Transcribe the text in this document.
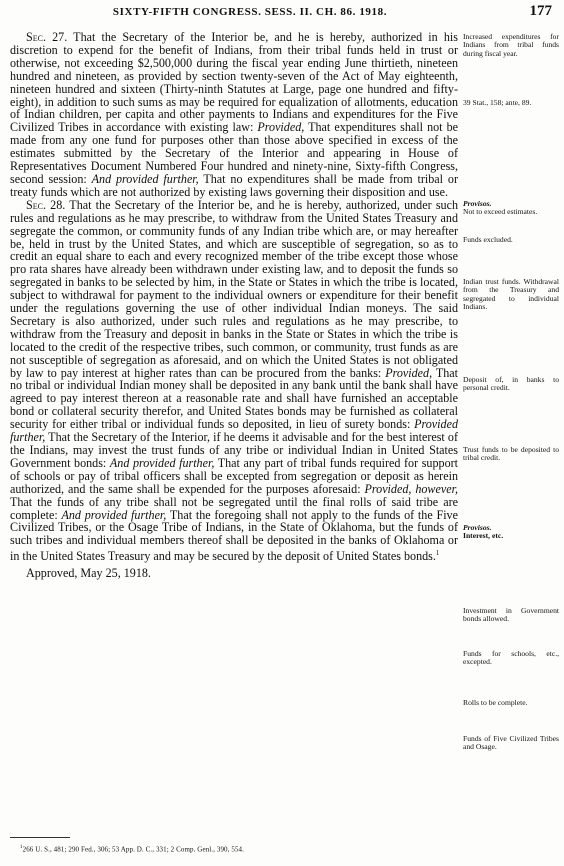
SIXTY-FIFTH CONGRESS. SESS. II. CH. 86. 1918.	177

Sec. 27. That the Secretary of the Interior be, and he is hereby, authorized in his discretion to expend for the benefit of Indians, from their tribal funds held in trust or otherwise, not exceeding $2,500,000 during the fiscal year ending June thirtieth, nineteen hundred and nineteen, as provided by section twenty-seven of the Act of May eighteenth, nineteen hundred and sixteen (Thirty-ninth Statutes at Large, page one hundred and fifty-eight), in addition to such sums as may be required for equalization of allotments, education of Indian children, per capita and other payments to Indians and expenditures for the Five Civilized Tribes in accordance with existing law: Provided, That expenditures shall not be made from any one fund for purposes other than those above specified in excess of the estimates submitted by the Secretary of the Interior and appearing in House of Representatives Document Numbered Four hundred and ninety-nine, Sixty-fifth Congress, second session: And provided further, That no expenditures shall be made from tribal or treaty funds which are not authorized by existing laws governing their disposition and use.

Sec. 28. That the Secretary of the Interior be, and he is hereby, authorized, under such rules and regulations as he may prescribe, to withdraw from the United States Treasury and segregate the common, or community funds of any Indian tribe which are, or may hereafter be, held in trust by the United States, and which are susceptible of segregation, so as to credit an equal share to each and every recognized member of the tribe except those whose pro rata shares have already been withdrawn under existing law, and to deposit the funds so segregated in banks to be selected by him, in the State or States in which the tribe is located, subject to withdrawal for payment to the individual owners or expenditure for their benefit under the regulations governing the use of other individual Indian moneys. The said Secretary is also authorized, under such rules and regulations as he may prescribe, to withdraw from the Treasury and deposit in banks in the State or States in which the tribe is located to the credit of the respective tribes, such common, or community, trust funds as are not susceptible of segregation as aforesaid, and on which the United States is not obligated by law to pay interest at higher rates than can be procured from the banks: Provided, That no tribal or individual Indian money shall be deposited in any bank until the bank shall have agreed to pay interest thereon at a reasonable rate and shall have furnished an acceptable bond or collateral security therefor, and United States bonds may be furnished as collateral security for either tribal or individual funds so deposited, in lieu of surety bonds: Provided further, That the Secretary of the Interior, if he deems it advisable and for the best interest of the Indians, may invest the trust funds of any tribe or individual Indian in United States Government bonds: And provided further, That any part of tribal funds required for support of schools or pay of tribal officers shall be excepted from segregation or deposit as herein authorized, and the same shall be expended for the purposes aforesaid: Provided, however, That the funds of any tribe shall not be segregated until the final rolls of said tribe are complete: And provided further, That the foregoing shall not apply to the funds of the Five Civilized Tribes, or the Osage Tribe of Indians, in the State of Oklahoma, but the funds of such tribes and individual members thereof shall be deposited in the banks of Oklahoma or in the United States Treasury and may be secured by the deposit of United States bonds.$^1$

Approved, May 25, 1918.

Increased expenditures for Indians from tribal funds during fiscal year.
39 Stat., 158; ante, 89.
Provisos.
Not to exceed estimates.
Funds excluded.
Indian trust funds. Withdrawal from the Treasury and segregated to individual Indians.
Deposit of, in banks to personal credit.
Trust funds to be deposited to tribal credit.
Provisos.
Interest, etc.
Investment in Government bonds allowed.
Funds for schools, etc., excepted.
Rolls to be complete.
Funds of Five Civilized Tribes and Osage.
$^1$266 U. S., 481; 290 Fed., 306; 53 App. D. C., 331; 2 Comp. Genl., 390, 554.
